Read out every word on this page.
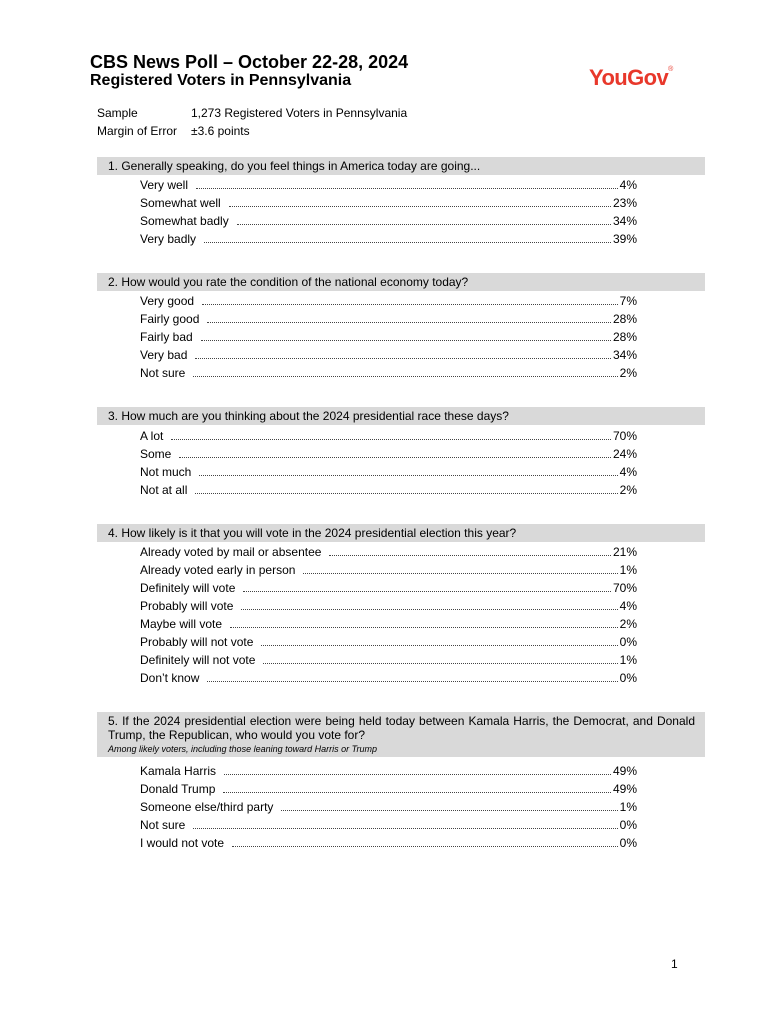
CBS News Poll – October 22-28, 2024
Registered Voters in Pennsylvania	YouGov®
Sample	1,273 Registered Voters in Pennsylvania
Margin of Error ±3.6 points
1. Generally speaking, do you feel things in America today are going...
Very well	4%
Somewhat well	23%
Somewhat badly	34%
Very badly	39%
2. How would you rate the condition of the national economy today?
Very good	7%
Fairly good	28%
Fairly bad	28%
Very bad	34%
Not sure	2%
3. How much are you thinking about the 2024 presidential race these days?
A lot	70%
Some	24%
Not much	4%
Not at all	2%
4. How likely is it that you will vote in the 2024 presidential election this year?
Already voted by mail or absentee	21%
Already voted early in person	1%
Definitely will vote	70%
Probably will vote	4%
Maybe will vote	2%
Probably will not vote	0%
Definitely will not vote	1%
Don’t know	0%
5. If the 2024 presidential election were being held today between Kamala Harris, the Democrat, and Donald Trump, the Republican, who would you vote for?
Among likely voters, including those leaning toward Harris or Trump
Kamala Harris	49%
Donald Trump	49%
Someone else/third party	1%
Not sure	0%
I would not vote	0%
1
